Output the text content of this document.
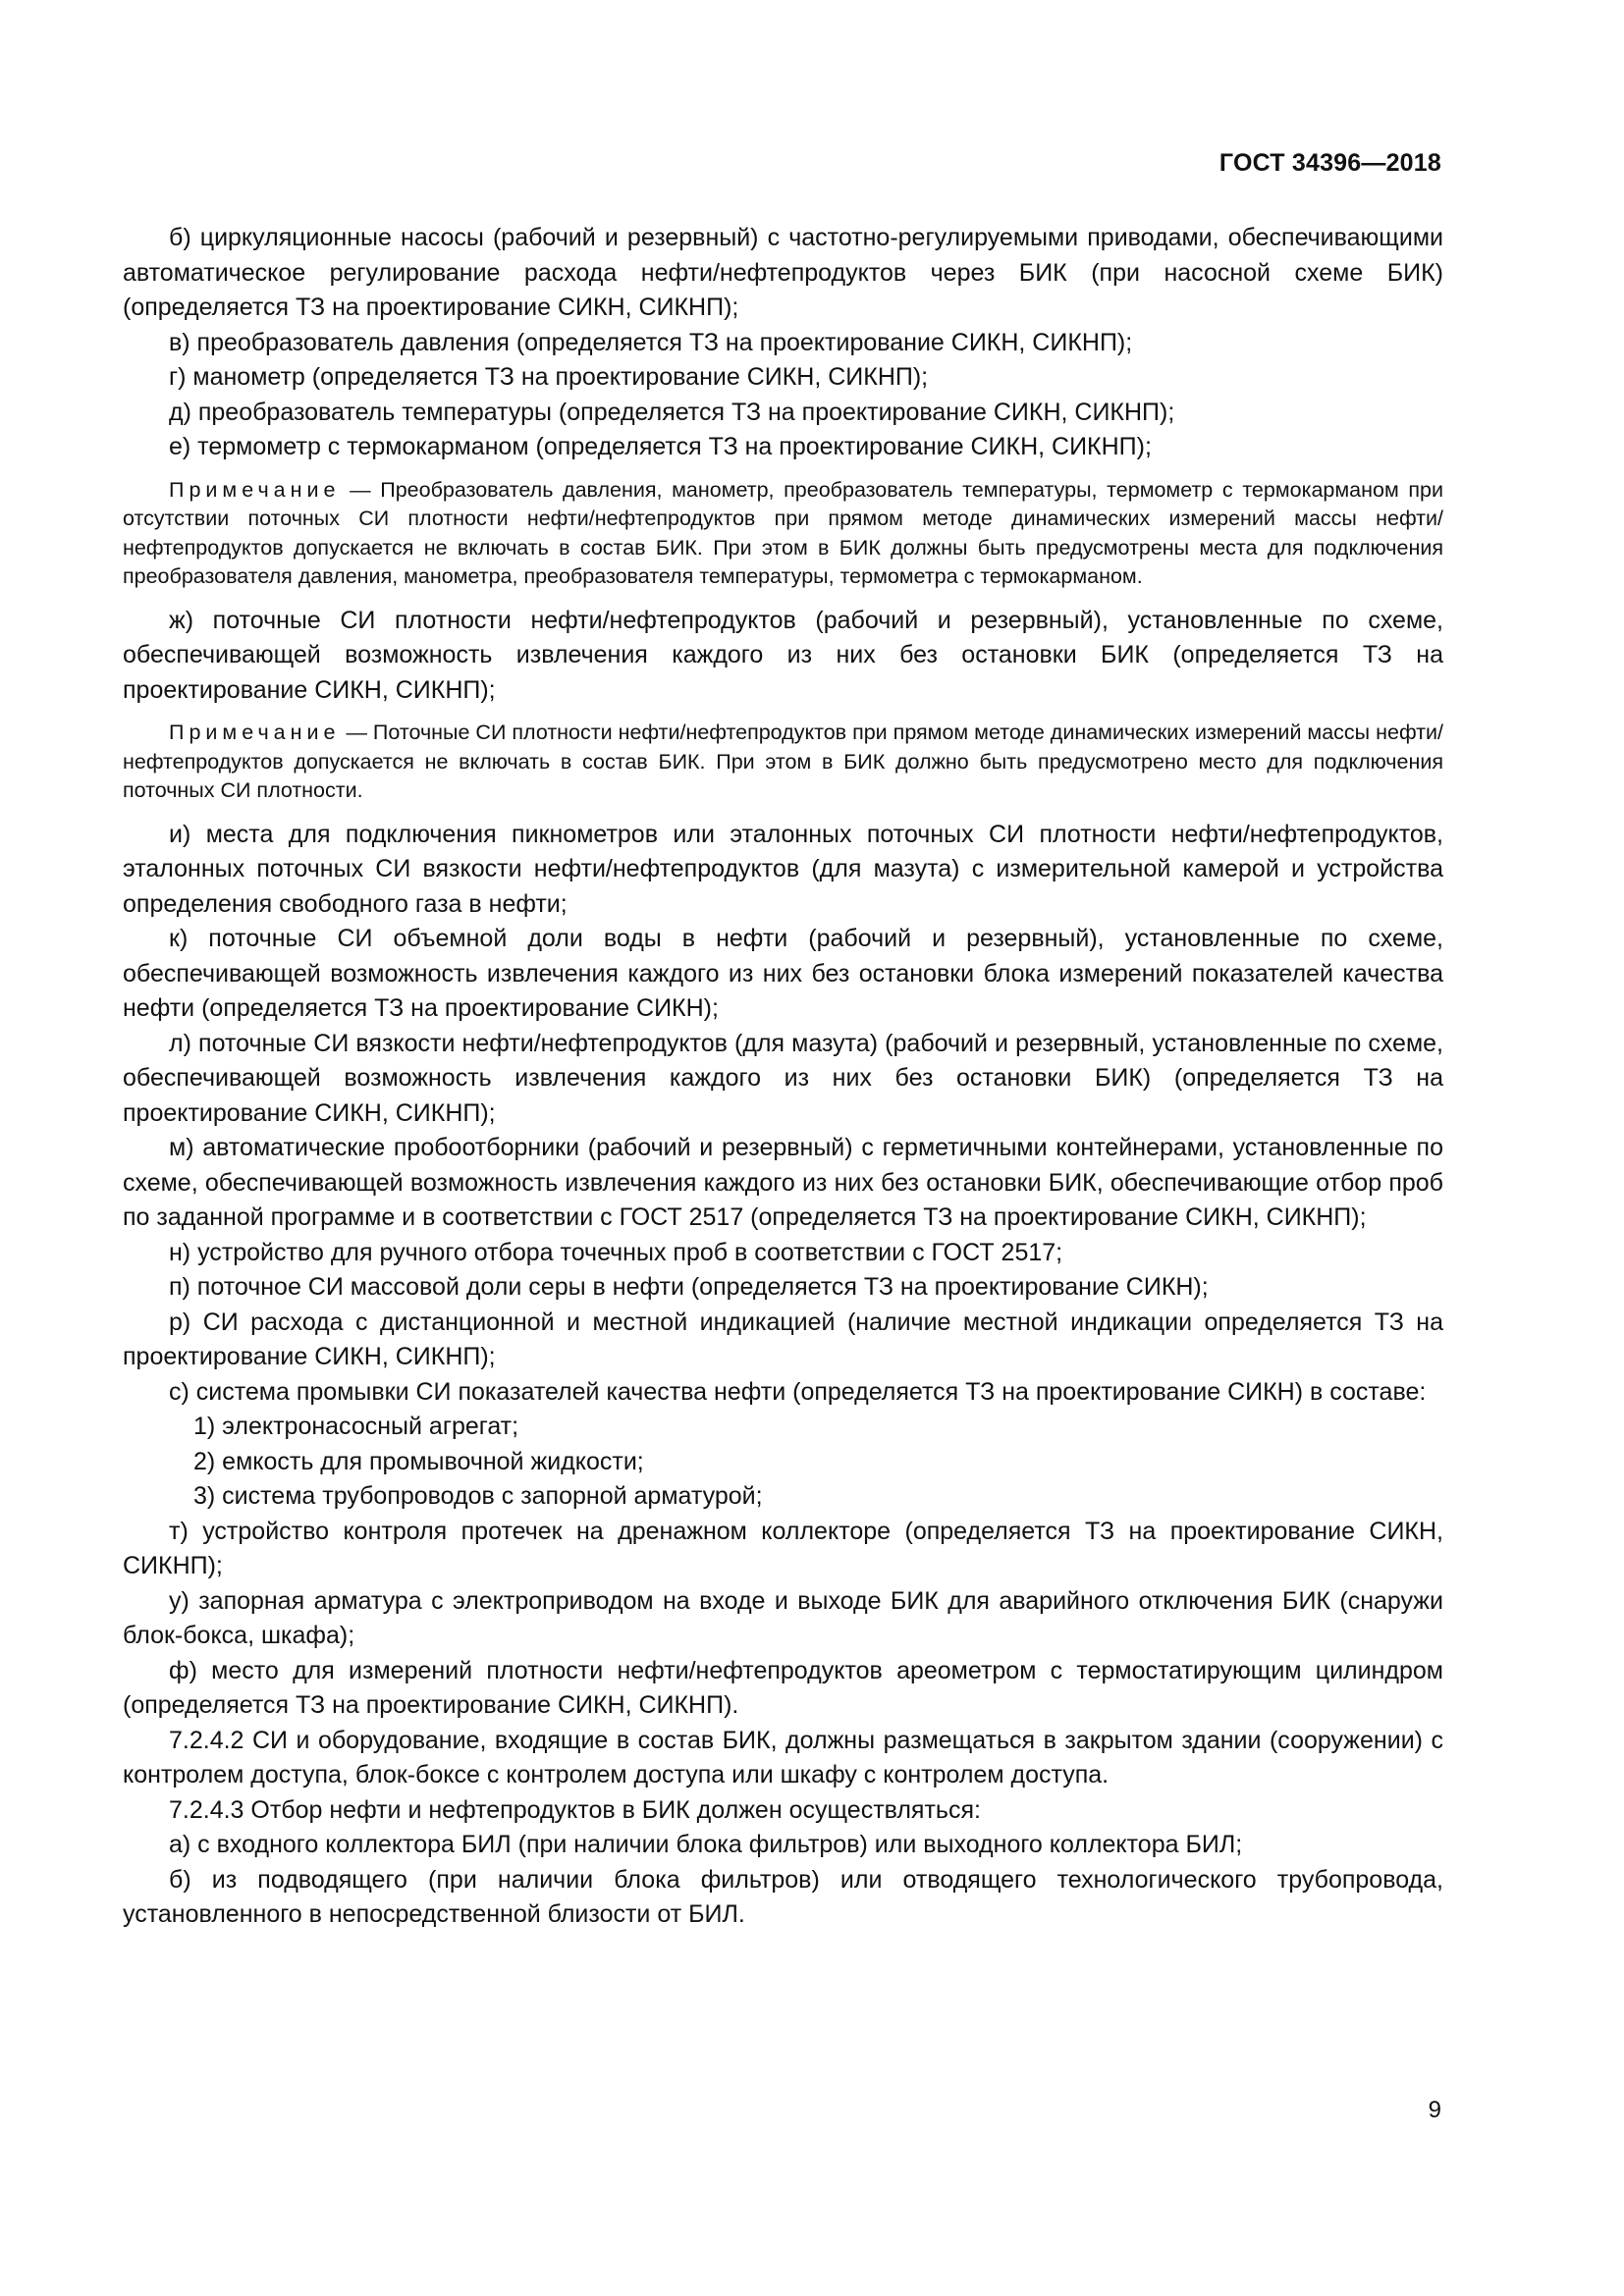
ГОСТ 34396—2018

б) циркуляционные насосы (рабочий и резервный) с частотно-регулируемыми приводами, обеспечивающими автоматическое регулирование расхода нефти/нефтепродуктов через БИК (при насосной схеме БИК) (определяется ТЗ на проектирование СИКН, СИКНП);

в) преобразователь давления (определяется ТЗ на проектирование СИКН, СИКНП);

г) манометр (определяется ТЗ на проектирование СИКН, СИКНП);

д) преобразователь температуры (определяется ТЗ на проектирование СИКН, СИКНП);

е) термометр с термокарманом (определяется ТЗ на проектирование СИКН, СИКНП);

Примечание — Преобразователь давления, манометр, преобразователь температуры, термометр с термокарманом при отсутствии поточных СИ плотности нефти/нефтепродуктов при прямом методе динамических измерений массы нефти/нефтепродуктов допускается не включать в состав БИК. При этом в БИК должны быть предусмотрены места для подключения преобразователя давления, манометра, преобразователя температуры, термометра с термокарманом.

ж) поточные СИ плотности нефти/нефтепродуктов (рабочий и резервный), установленные по схеме, обеспечивающей возможность извлечения каждого из них без остановки БИК (определяется ТЗ на проектирование СИКН, СИКНП);

Примечание — Поточные СИ плотности нефти/нефтепродуктов при прямом методе динамических измерений массы нефти/нефтепродуктов допускается не включать в состав БИК. При этом в БИК должно быть предусмотрено место для подключения поточных СИ плотности.

и) места для подключения пикнометров или эталонных поточных СИ плотности нефти/нефтепродуктов, эталонных поточных СИ вязкости нефти/нефтепродуктов (для мазута) с измерительной камерой и устройства определения свободного газа в нефти;

к) поточные СИ объемной доли воды в нефти (рабочий и резервный), установленные по схеме, обеспечивающей возможность извлечения каждого из них без остановки блока измерений показателей качества нефти (определяется ТЗ на проектирование СИКН);

л) поточные СИ вязкости нефти/нефтепродуктов (для мазута) (рабочий и резервный, установленные по схеме, обеспечивающей возможность извлечения каждого из них без остановки БИК) (определяется ТЗ на проектирование СИКН, СИКНП);

м) автоматические пробоотборники (рабочий и резервный) с герметичными контейнерами, установленные по схеме, обеспечивающей возможность извлечения каждого из них без остановки БИК, обеспечивающие отбор проб по заданной программе и в соответствии с ГОСТ 2517 (определяется ТЗ на проектирование СИКН, СИКНП);

н) устройство для ручного отбора точечных проб в соответствии с ГОСТ 2517;

п) поточное СИ массовой доли серы в нефти (определяется ТЗ на проектирование СИКН);

р) СИ расхода с дистанционной и местной индикацией (наличие местной индикации определяется ТЗ на проектирование СИКН, СИКНП);

с) система промывки СИ показателей качества нефти (определяется ТЗ на проектирование СИКН) в составе:

1) электронасосный агрегат;

2) емкость для промывочной жидкости;

3) система трубопроводов с запорной арматурой;

т) устройство контроля протечек на дренажном коллекторе (определяется ТЗ на проектирование СИКН, СИКНП);

у) запорная арматура с электроприводом на входе и выходе БИК для аварийного отключения БИК (снаружи блок-бокса, шкафа);

ф) место для измерений плотности нефти/нефтепродуктов ареометром с термостатирующим цилиндром (определяется ТЗ на проектирование СИКН, СИКНП).

7.2.4.2 СИ и оборудование, входящие в состав БИК, должны размещаться в закрытом здании (сооружении) с контролем доступа, блок-боксе с контролем доступа или шкафу с контролем доступа.

7.2.4.3 Отбор нефти и нефтепродуктов в БИК должен осуществляться:

а) с входного коллектора БИЛ (при наличии блока фильтров) или выходного коллектора БИЛ;

б) из подводящего (при наличии блока фильтров) или отводящего технологического трубопровода, установленного в непосредственной близости от БИЛ.

9
